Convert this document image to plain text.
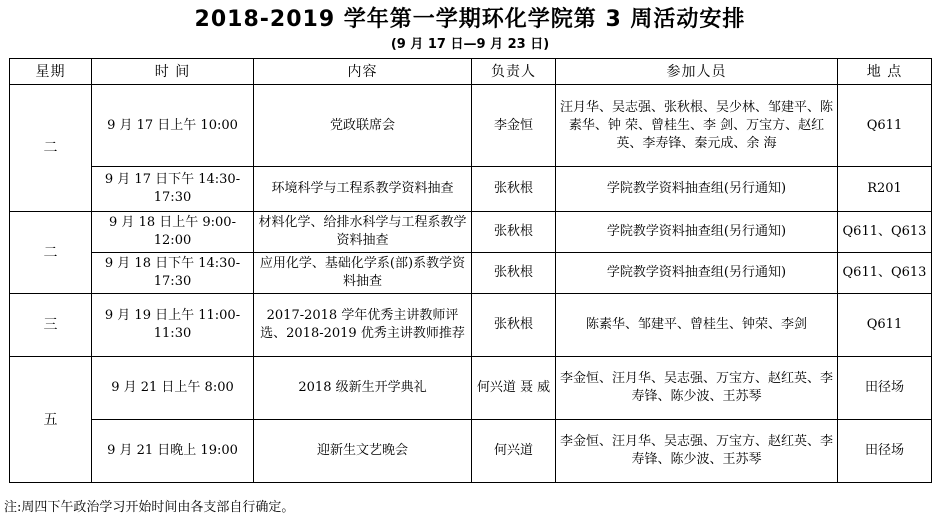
2018-2019 学年第一学期环化学院第 3 周活动安排
(9 月 17 日—9 月 23 日)
星期	时 间	内容	负责人	参加人员	地 点
二	9 月 17 日上午 10:00	党政联席会	李金恒	汪月华、吴志强、张秋根、吴少林、邹建平、陈素华、钟 荣、曾桂生、李 剑、万宝方、赵红英、李寿锋、秦元成、余 海	Q611
	9 月 17 日下午 14:30-17:30	环境科学与工程系教学资料抽查	张秋根	学院教学资料抽查组(另行通知)	R201
二	9 月 18 日上午 9:00-12:00	材料化学、给排水科学与工程系教学资料抽查	张秋根	学院教学资料抽查组(另行通知)	Q611、Q613
	9 月 18 日下午 14:30-17:30	应用化学、基础化学系(部)系教学资料抽查	张秋根	学院教学资料抽查组(另行通知)	Q611、Q613
三	9 月 19 日上午 11:00-11:30	2017-2018 学年优秀主讲教师评选、2018-2019 优秀主讲教师推荐	张秋根	陈素华、邹建平、曾桂生、钟荣、李剑	Q611
五	9 月 21 日上午 8:00	2018 级新生开学典礼	何兴道 聂 威	李金恒、汪月华、吴志强、万宝方、赵红英、李寿锋、陈少波、王苏琴	田径场
	9 月 21 日晚上 19:00	迎新生文艺晚会	何兴道	李金恒、汪月华、吴志强、万宝方、赵红英、李寿锋、陈少波、王苏琴	田径场
注:周四下午政治学习开始时间由各支部自行确定。
